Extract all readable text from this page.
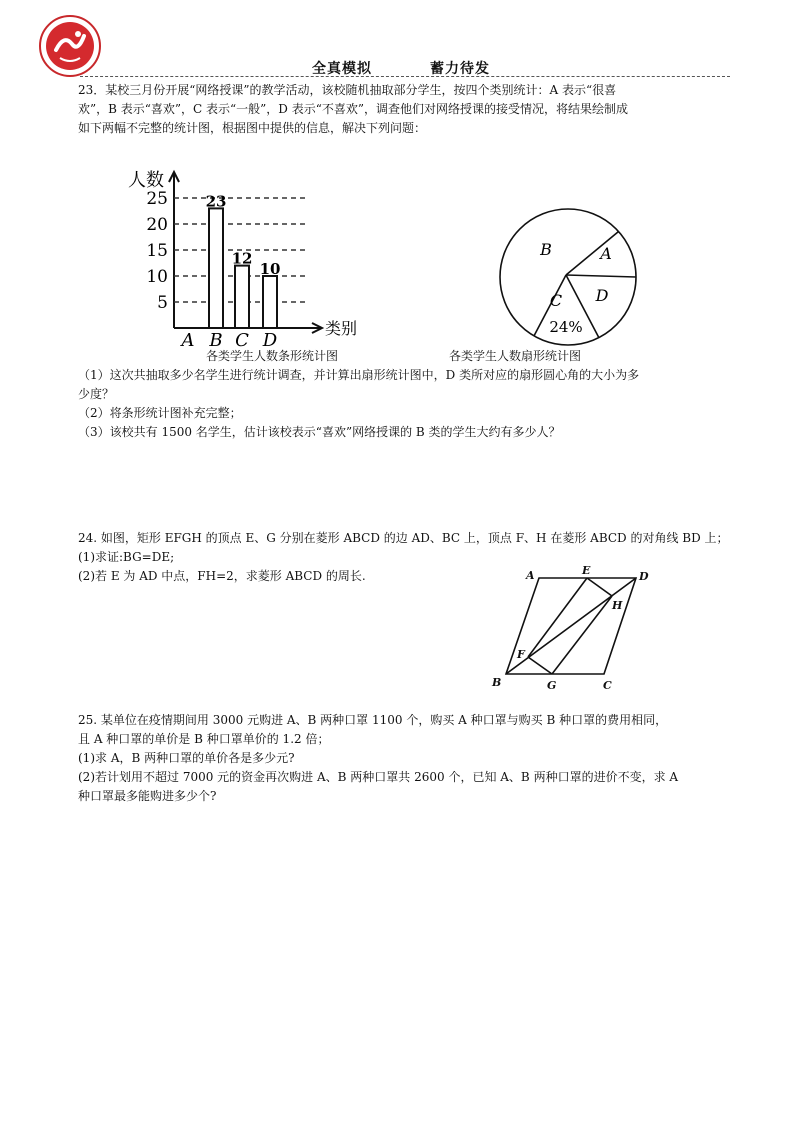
全真模拟	蓄力待发
23．某校三月份开展“网络授课”的教学活动，该校随机抽取部分学生，按四个类别统计：A 表示“很喜
欢”，B 表示“喜欢”，C 表示“一般”，D 表示“不喜欢”，调查他们对网络授课的接受情况，将结果绘制成
如下两幅不完整的统计图，根据图中提供的信息，解决下列问题：
人数
类别
5
10
15
20
25
A B
23
C
12
D
10
各类学生人数条形统计图
A
B
C D
24%
各类学生人数扇形统计图
（1）这次共抽取多少名学生进行统计调查，并计算出扇形统计图中，D 类所对应的扇形圆心角的大小为多
少度？
（2）将条形统计图补充完整；
（3）该校共有 1500 名学生，估计该校表示“喜欢”网络授课的 B 类的学生大约有多少人？
24. 如图，矩形 EFGH 的顶点 E、G 分别在菱形 ABCD 的边 AD、BC 上，顶点 F、H 在菱形 ABCD 的对角线 BD 上；
(1)求证:BG=DE;
(2)若 E 为 AD 中点，FH=2，求菱形 ABCD 的周长.	A	E	D
H
F
B	G	C
25. 某单位在疫情期间用 3000 元购进 A、B 两种口罩 1100 个，购买 A 种口罩与购买 B 种口罩的费用相同，
且 A 种口罩的单价是 B 种口罩单价的 1.2 倍；
(1)求 A，B 两种口罩的单价各是多少元?
(2)若计划用不超过 7000 元的资金再次购进 A、B 两种口罩共 2600 个，已知 A、B 两种口罩的进价不变，求 A
种口罩最多能购进多少个?
